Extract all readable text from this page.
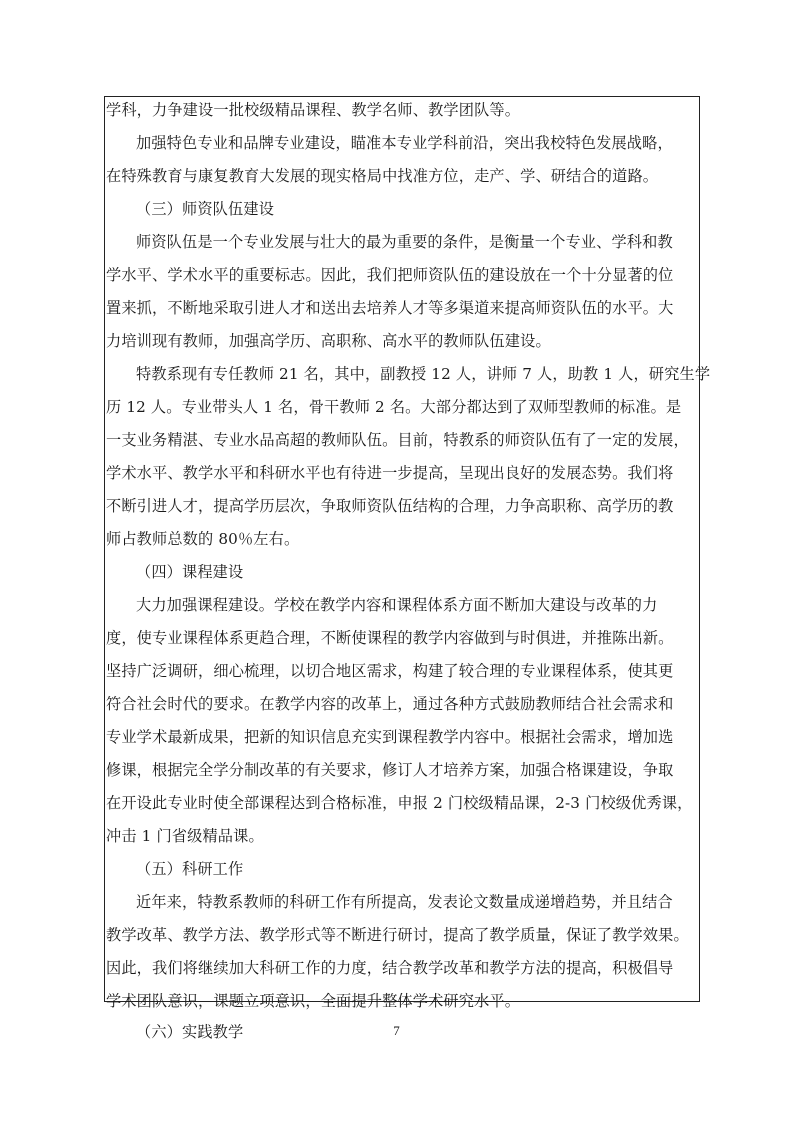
学科，力争建设一批校级精品课程、教学名师、教学团队等。
加强特色专业和品牌专业建设，瞄准本专业学科前沿，突出我校特色发展战略，
在特殊教育与康复教育大发展的现实格局中找准方位，走产、学、研结合的道路。
（三）师资队伍建设
师资队伍是一个专业发展与壮大的最为重要的条件，是衡量一个专业、学科和教
学水平、学术水平的重要标志。因此，我们把师资队伍的建设放在一个十分显著的位
置来抓，不断地采取引进人才和送出去培养人才等多渠道来提高师资队伍的水平。大
力培训现有教师，加强高学历、高职称、高水平的教师队伍建设。
特教系现有专任教师 21 名，其中，副教授 12 人，讲师 7 人，助教 1 人，研究生学
历 12 人。专业带头人 1 名，骨干教师 2 名。大部分都达到了双师型教师的标准。是
一支业务精湛、专业水品高超的教师队伍。目前，特教系的师资队伍有了一定的发展，
学术水平、教学水平和科研水平也有待进一步提高，呈现出良好的发展态势。我们将
不断引进人才，提高学历层次，争取师资队伍结构的合理，力争高职称、高学历的教
师占教师总数的 80％左右。
（四）课程建设
大力加强课程建设。学校在教学内容和课程体系方面不断加大建设与改革的力
度，使专业课程体系更趋合理，不断使课程的教学内容做到与时俱进，并推陈出新。
坚持广泛调研，细心梳理，以切合地区需求，构建了较合理的专业课程体系，使其更
符合社会时代的要求。在教学内容的改革上，通过各种方式鼓励教师结合社会需求和
专业学术最新成果，把新的知识信息充实到课程教学内容中。根据社会需求，增加选
修课，根据完全学分制改革的有关要求，修订人才培养方案，加强合格课建设，争取
在开设此专业时使全部课程达到合格标准，申报 2 门校级精品课，2-3 门校级优秀课，
冲击 1 门省级精品课。
（五）科研工作
近年来，特教系教师的科研工作有所提高，发表论文数量成递增趋势，并且结合
教学改革、教学方法、教学形式等不断进行研讨，提高了教学质量，保证了教学效果。
因此，我们将继续加大科研工作的力度，结合教学改革和教学方法的提高，积极倡导
学术团队意识，课题立项意识，全面提升整体学术研究水平。
（六）实践教学	7
